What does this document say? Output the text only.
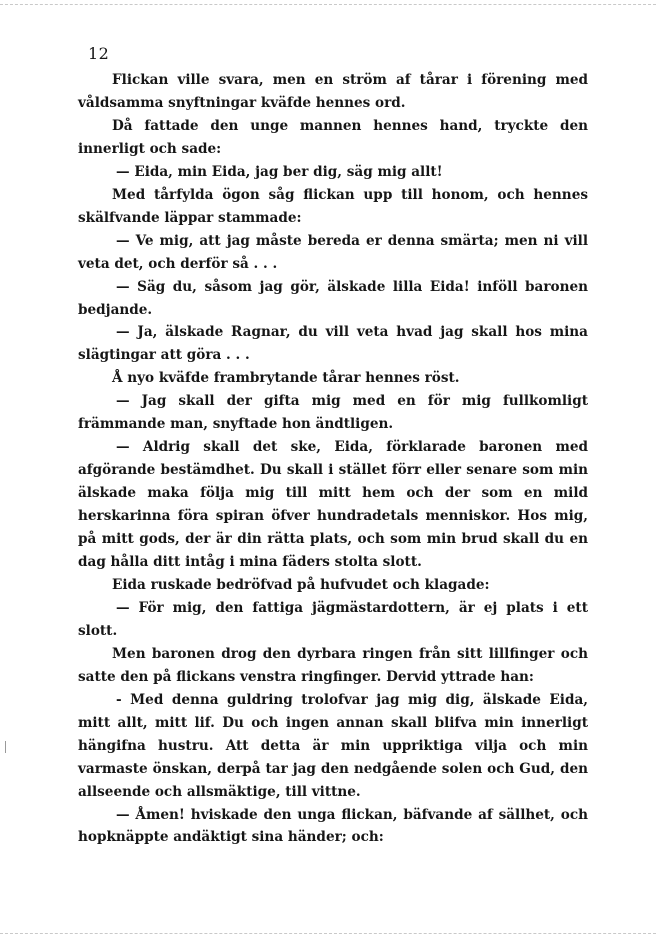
12

Flickan ville svara, men en ström af tårar i förening med våldsamma snyftningar kväfde hennes ord.

Då fattade den unge mannen hennes hand, tryckte den innerligt och sade:

— Eida, min Eida, jag ber dig, säg mig allt!

Med tårfylda ögon såg flickan upp till honom, och hennes skälfvande läppar stammade:

— Ve mig, att jag måste bereda er denna smärta; men ni vill veta det, och derför så . . .

— Säg du, såsom jag gör, älskade lilla Eida! inföll baronen bedjande.

— Ja, älskade Ragnar, du vill veta hvad jag skall hos mina slägtingar att göra . . .

Å nyo kväfde frambrytande tårar hennes röst.

— Jag skall der gifta mig med en för mig fullkomligt främmande man, snyftade hon ändtligen.

— Aldrig skall det ske, Eida, förklarade baronen med afgörande bestämdhet. Du skall i stället förr eller senare som min älskade maka följa mig till mitt hem och der som en mild herskarinna föra spiran öfver hundradetals menniskor. Hos mig, på mitt gods, der är din rätta plats, och som min brud skall du en dag hålla ditt intåg i mina fäders stolta slott.

Eida ruskade bedröfvad på hufvudet och klagade:

— För mig, den fattiga jägmästardottern, är ej plats i ett slott.

Men baronen drog den dyrbara ringen från sitt lillfinger och satte den på flickans venstra ringfinger. Dervid yttrade han:

- Med denna guldring trolofvar jag mig dig, älskade Eida, mitt allt, mitt lif. Du och ingen annan skall blifva min innerligt hängifna hustru. Att detta är min uppriktiga vilja och min varmaste önskan, derpå tar jag den nedgående solen och Gud, den allseende och allsmäktige, till vittne.

— Åmen! hviskade den unga flickan, bäfvande af sällhet, och hopknäppte andäktigt sina händer; och:
